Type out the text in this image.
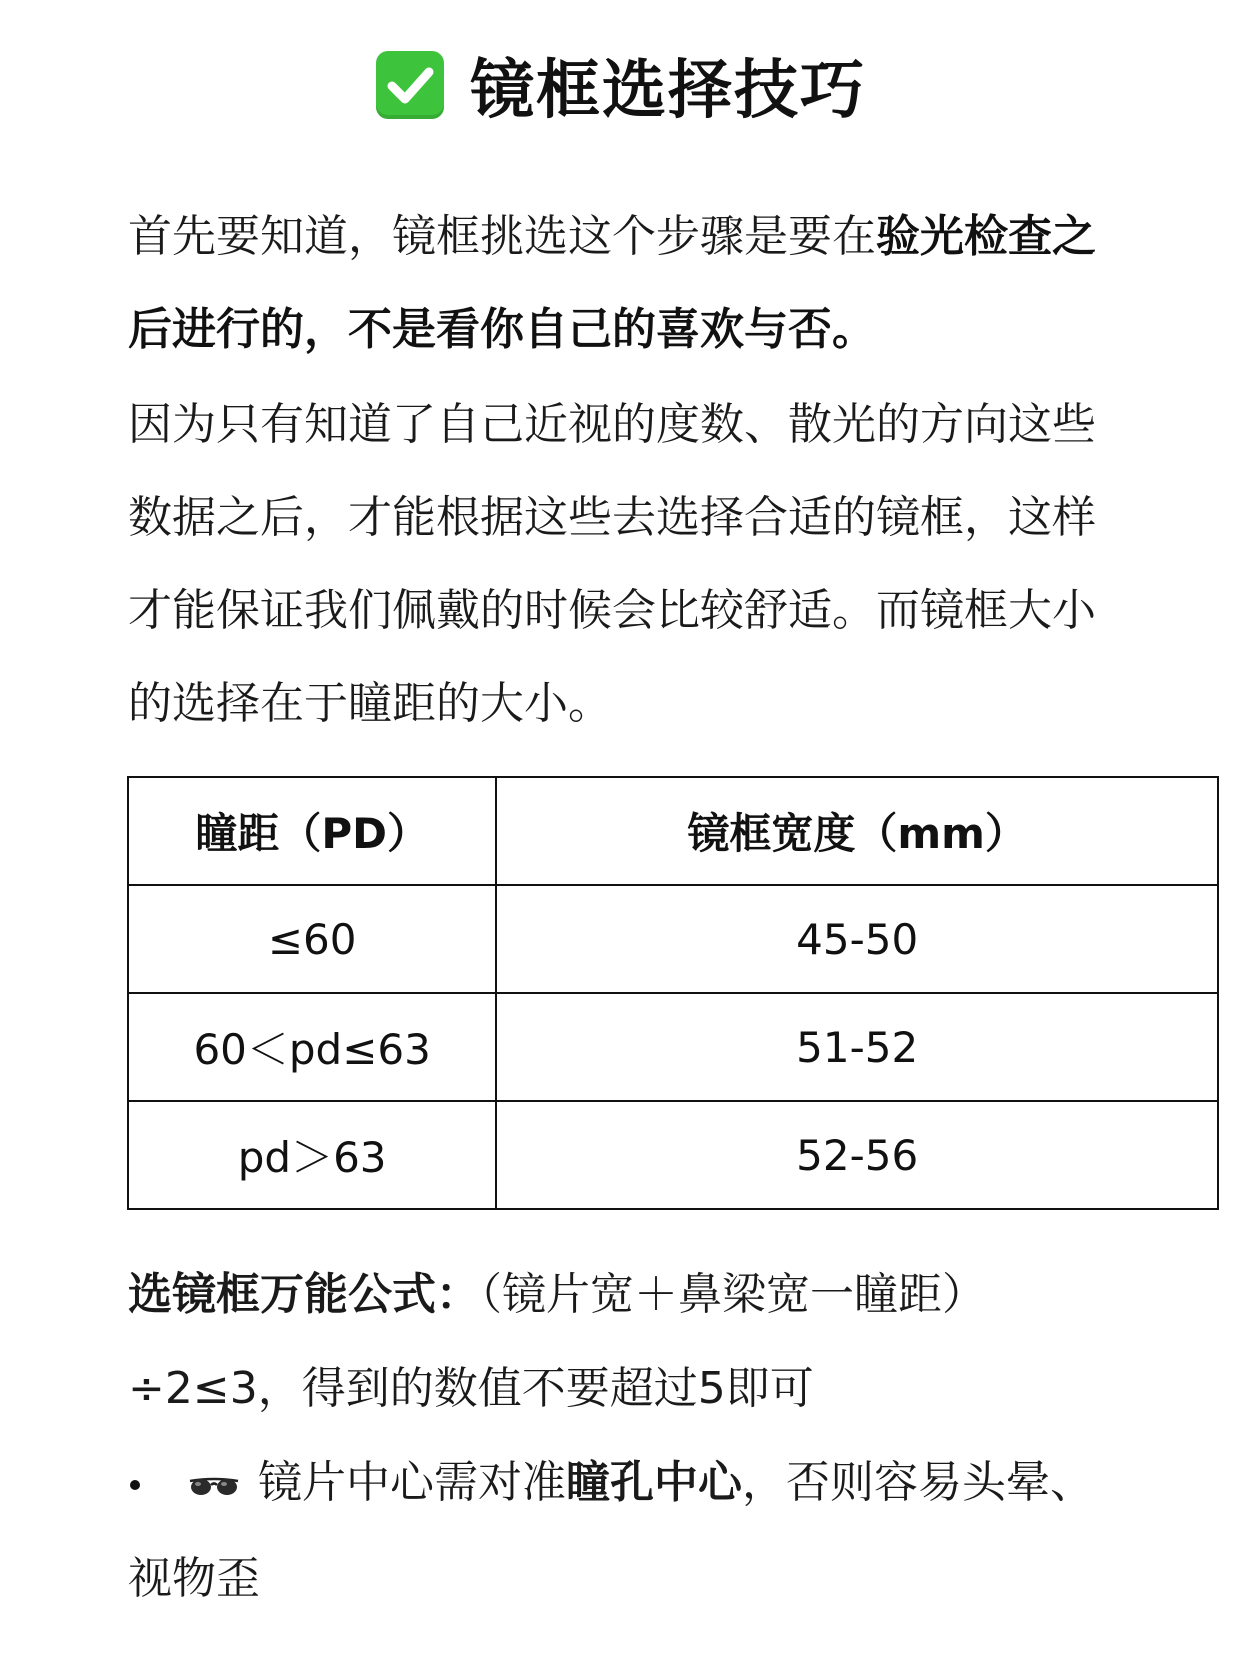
镜框选择技巧
首先要知道，镜框挑选这个步骤是要在验光检查之后进行的，不是看你自己的喜欢与否。
因为只有知道了自己近视的度数、散光的方向这些数据之后，才能根据这些去选择合适的镜框，这样才能保证我们佩戴的时候会比较舒适。而镜框大小的选择在于瞳距的大小。
瞳距（PD）	镜框宽度（mm）
≤60	45-50
60＜pd≤63	51-52
pd＞63	52-56
选镜框万能公式：（镜片宽＋鼻梁宽一瞳距）÷2≤3，得到的数值不要超过5即可
镜片中心需对准瞳孔中心，否则容易头晕、视物歪
